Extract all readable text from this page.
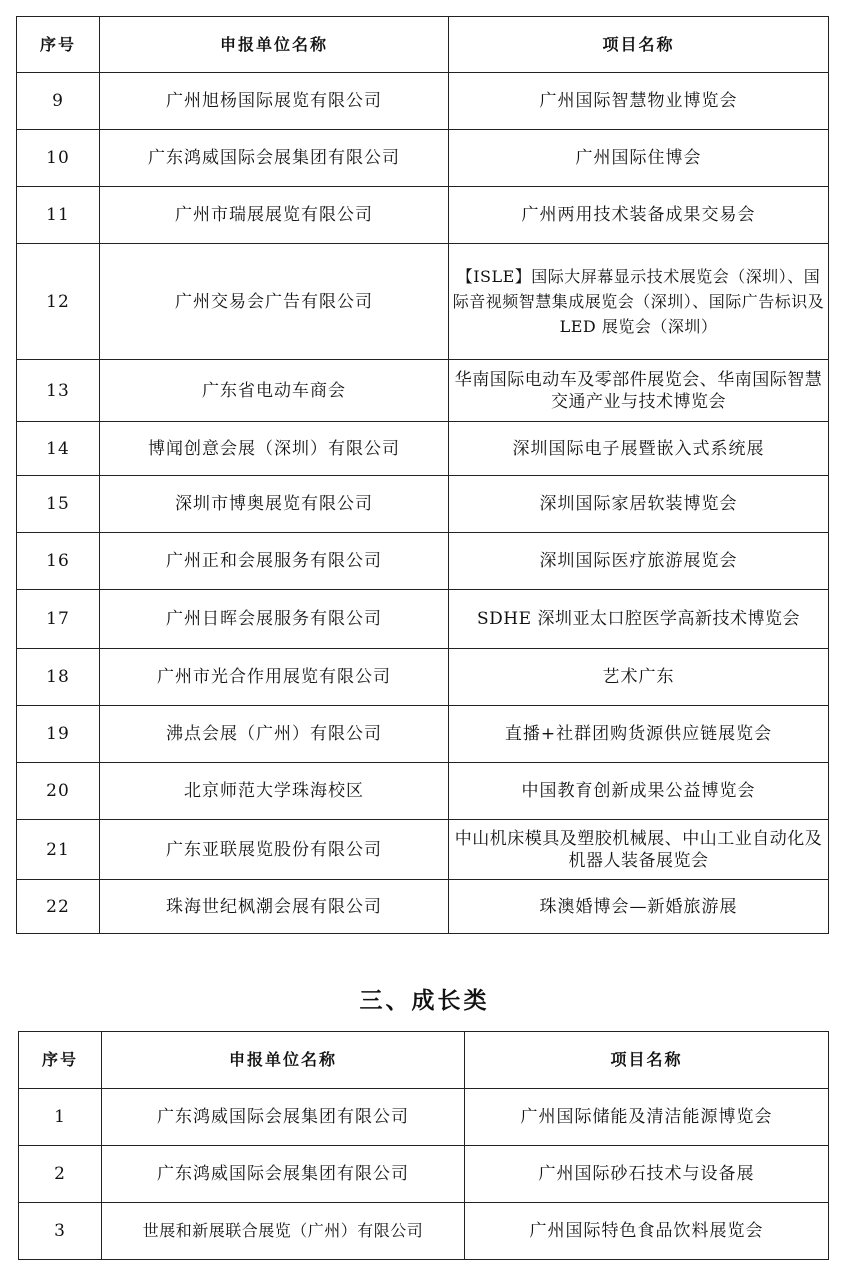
序号	申报单位名称	项目名称
9	广州旭杨国际展览有限公司	广州国际智慧物业博览会
10	广东鸿威国际会展集团有限公司	广州国际住博会
11	广州市瑞展展览有限公司	广州两用技术装备成果交易会
12	广州交易会广告有限公司	【ISLE】国际大屏幕显示技术展览会（深圳）、国际音视频智慧集成展览会（深圳）、国际广告标识及 LED 展览会（深圳）
13	广东省电动车商会	华南国际电动车及零部件展览会、华南国际智慧交通产业与技术博览会
14	博闻创意会展（深圳）有限公司	深圳国际电子展暨嵌入式系统展
15	深圳市博奥展览有限公司	深圳国际家居软装博览会
16	广州正和会展服务有限公司	深圳国际医疗旅游展览会
17	广州日晖会展服务有限公司	SDHE 深圳亚太口腔医学高新技术博览会
18	广州市光合作用展览有限公司	艺术广东
19	沸点会展（广州）有限公司	直播+社群团购货源供应链展览会
20	北京师范大学珠海校区	中国教育创新成果公益博览会
21	广东亚联展览股份有限公司	中山机床模具及塑胶机械展、中山工业自动化及机器人装备展览会
22	珠海世纪枫潮会展有限公司	珠澳婚博会—新婚旅游展
三、成长类
序号	申报单位名称	项目名称
1	广东鸿威国际会展集团有限公司	广州国际储能及清洁能源博览会
2	广东鸿威国际会展集团有限公司	广州国际砂石技术与设备展
3	世展和新展联合展览（广州）有限公司	广州国际特色食品饮料展览会
